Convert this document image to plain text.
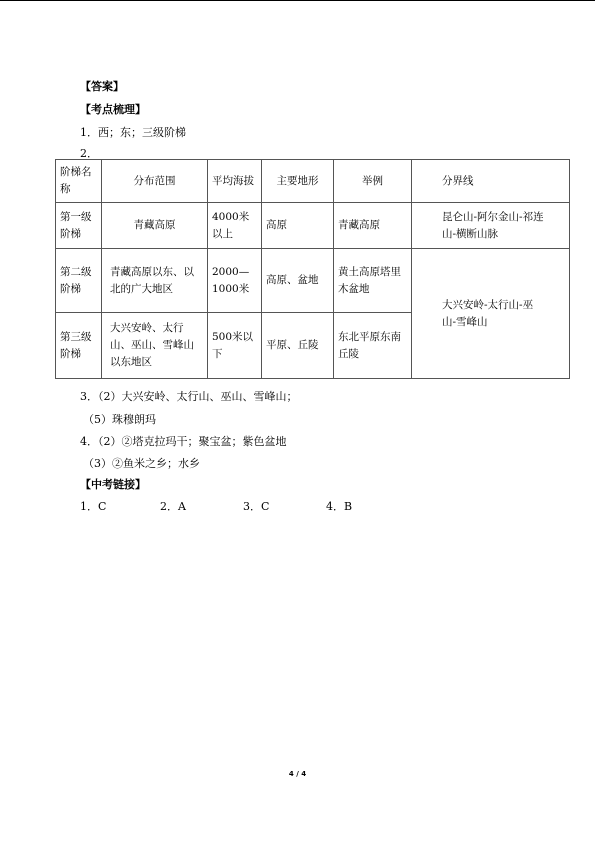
【答案】
【考点梳理】
1．西；东；三级阶梯
2．
阶梯名称	分布范围	平均海拔	主要地形	举例	分界线
第一级阶梯	青藏高原	4000米以上	高原	青藏高原	昆仑山-阿尔金山-祁连山-横断山脉
第二级阶梯	青藏高原以东、以北的广大地区	2000—1000米	高原、盆地	黄土高原塔里木盆地	大兴安岭-太行山-巫山-雪峰山
第三级阶梯	大兴安岭、太行山、巫山、雪峰山以东地区	500米以下	平原、丘陵	东北平原东南丘陵	
3．（2）大兴安岭、太行山、巫山、雪峰山；
（5）珠穆朗玛
4．（2）②塔克拉玛干；聚宝盆；紫色盆地
（3）②鱼米之乡；水乡
【中考链接】
1．C	2．A	3．C	4．B
4 / 4
